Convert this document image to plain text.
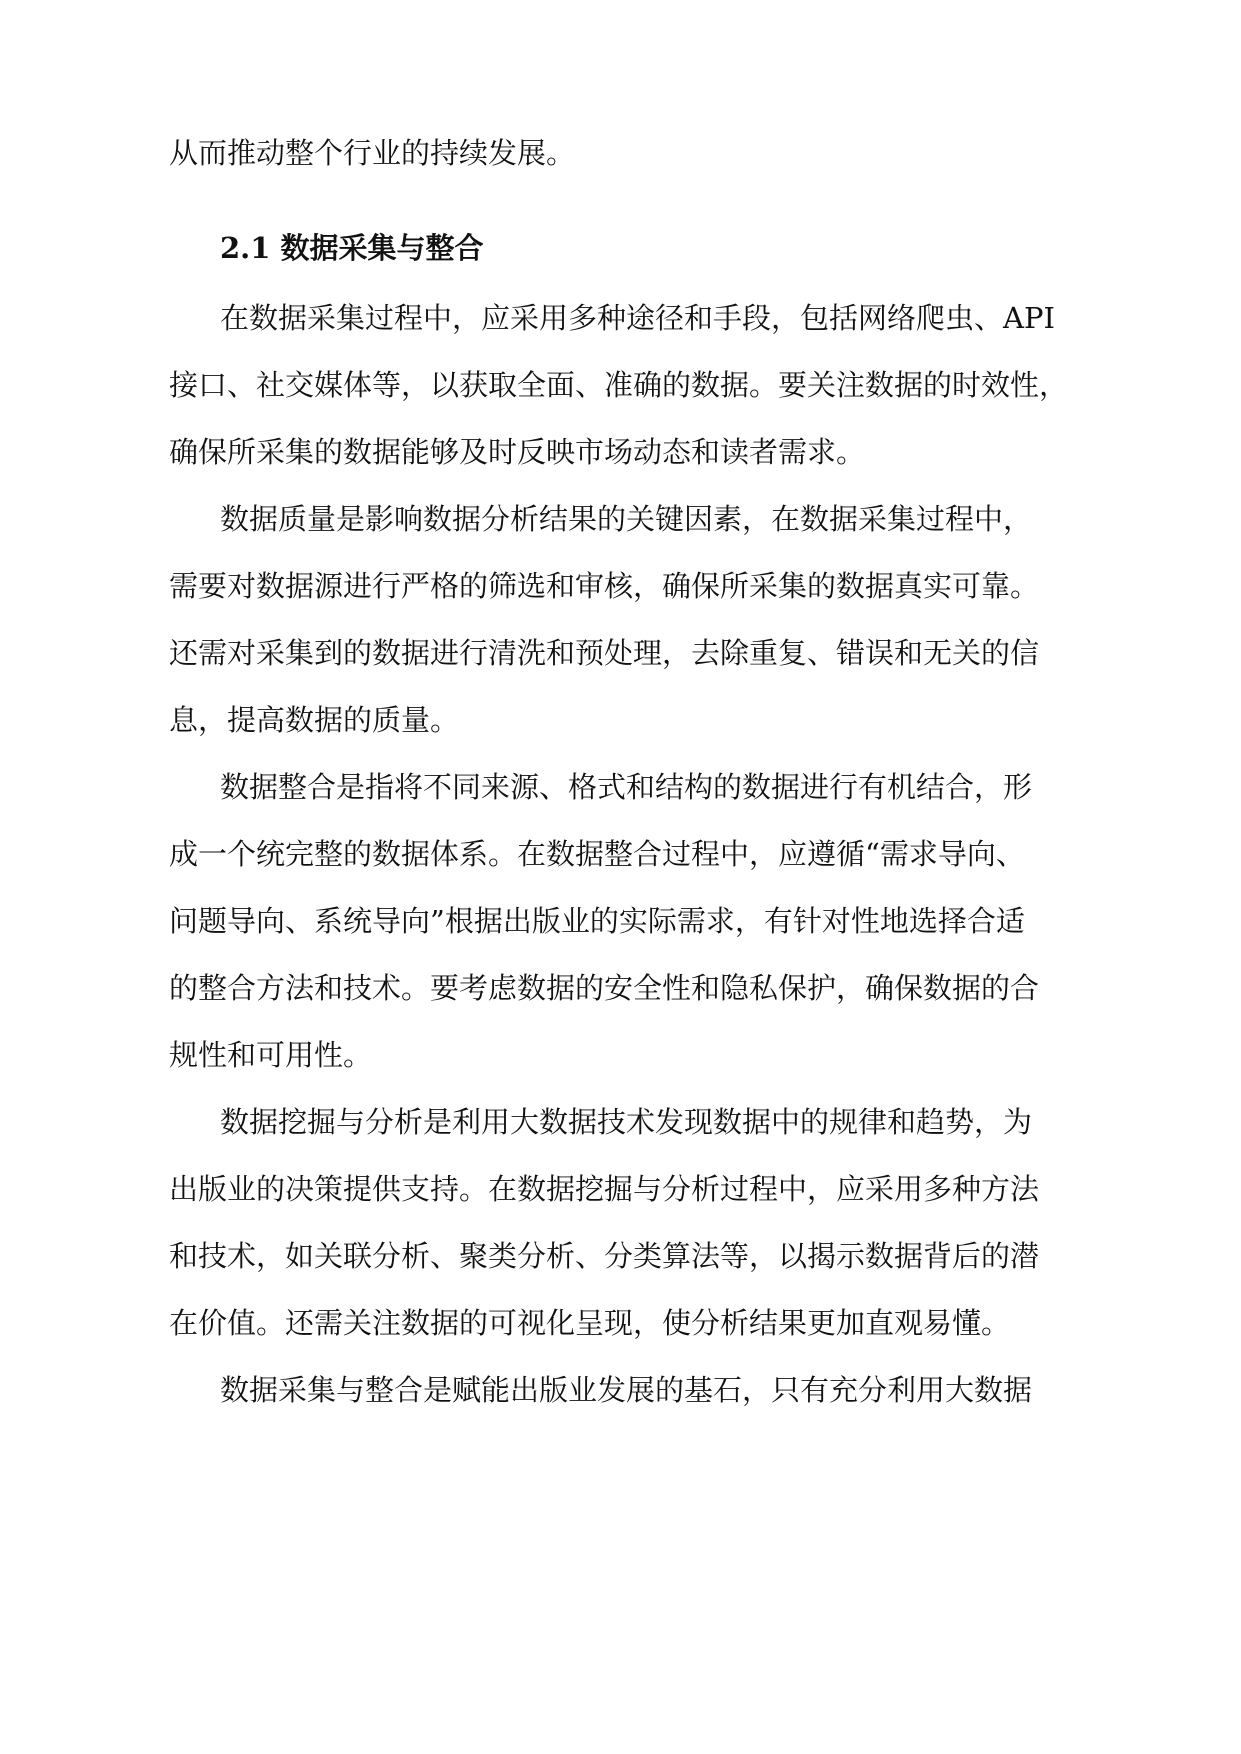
从而推动整个行业的持续发展。
2.1 数据采集与整合
在数据采集过程中，应采用多种途径和手段，包括网络爬虫、API
接口、社交媒体等，以获取全面、准确的数据。要关注数据的时效性，
确保所采集的数据能够及时反映市场动态和读者需求。
数据质量是影响数据分析结果的关键因素，在数据采集过程中，
需要对数据源进行严格的筛选和审核，确保所采集的数据真实可靠。
还需对采集到的数据进行清洗和预处理，去除重复、错误和无关的信
息，提高数据的质量。
数据整合是指将不同来源、格式和结构的数据进行有机结合，形
成一个统完整的数据体系。在数据整合过程中，应遵循“需求导向、
问题导向、系统导向”根据出版业的实际需求，有针对性地选择合适
的整合方法和技术。要考虑数据的安全性和隐私保护，确保数据的合
规性和可用性。
数据挖掘与分析是利用大数据技术发现数据中的规律和趋势，为
出版业的决策提供支持。在数据挖掘与分析过程中，应采用多种方法
和技术，如关联分析、聚类分析、分类算法等，以揭示数据背后的潜
在价值。还需关注数据的可视化呈现，使分析结果更加直观易懂。
数据采集与整合是赋能出版业发展的基石，只有充分利用大数据
